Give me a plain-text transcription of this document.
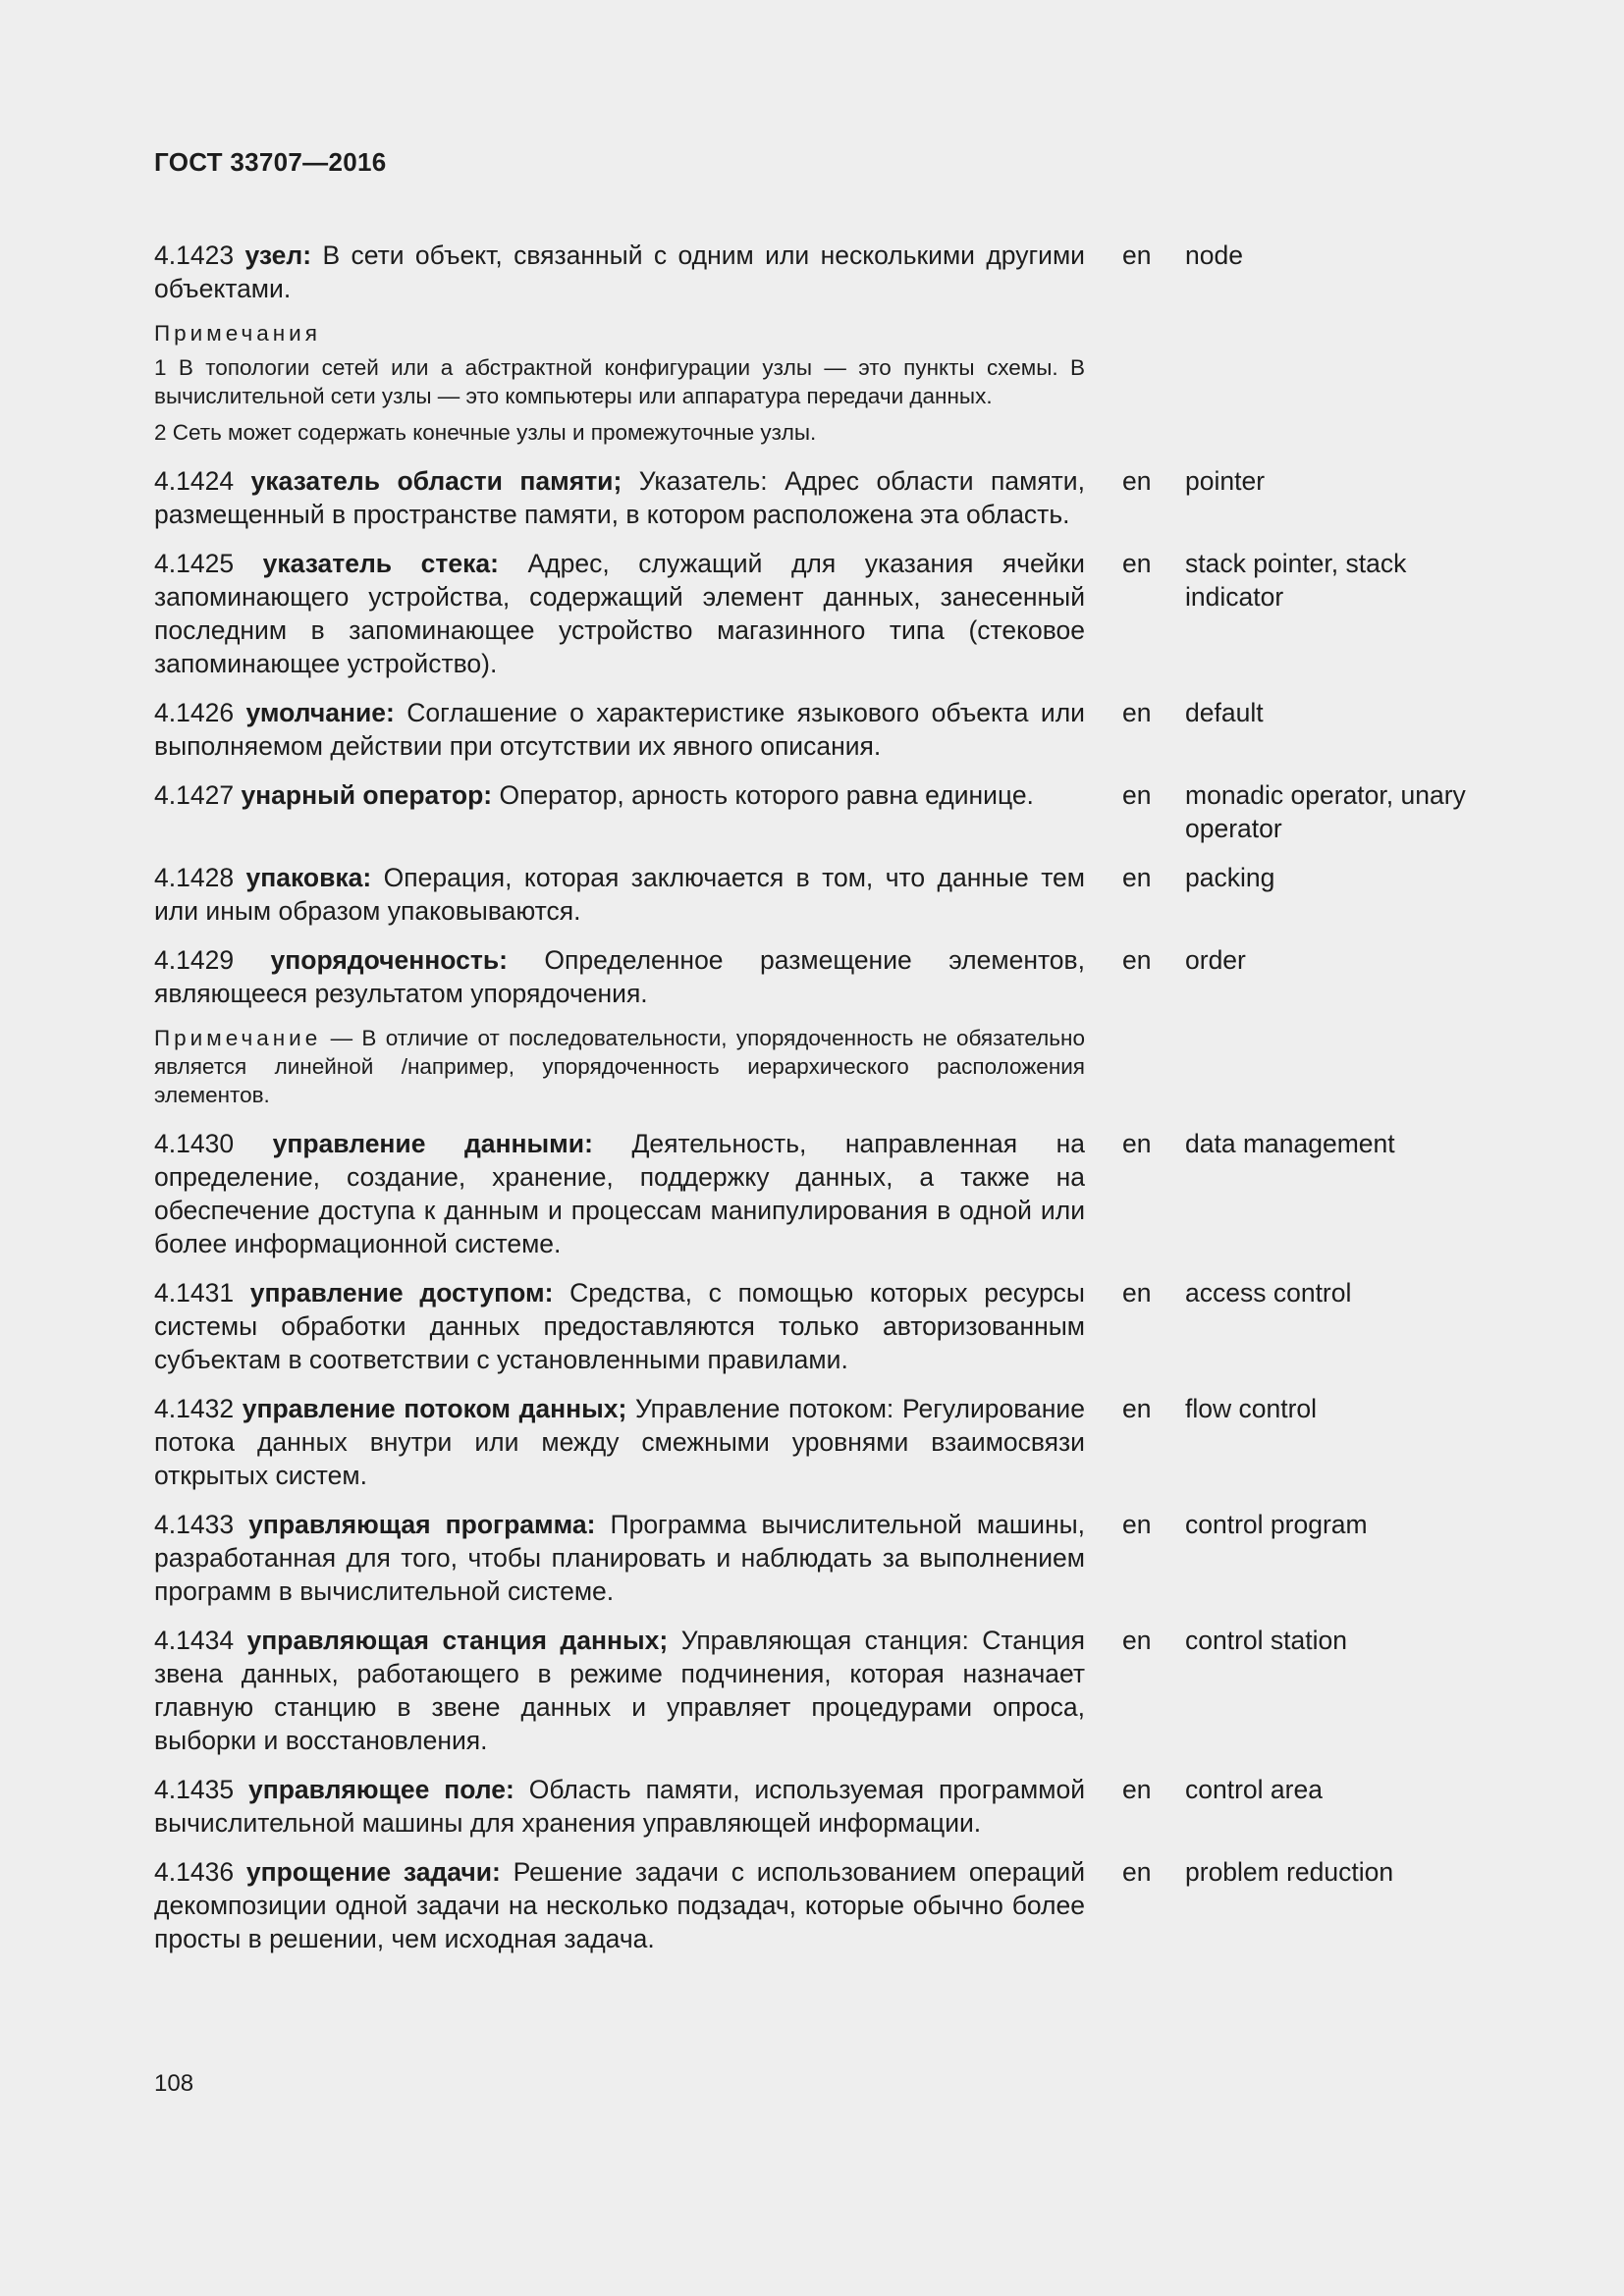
ГОСТ 33707—2016
4.1423 узел: В сети объект, связанный с одним или несколькими другими объектами.
en	node
Примечания
1 В топологии сетей или а абстрактной конфигурации узлы — это пункты схемы. В вычислительной сети узлы — это компьютеры или аппаратура передачи данных.
2 Сеть может содержать конечные узлы и промежуточные узлы.
4.1424 указатель области памяти; Указатель: Адрес области памяти, размещенный в пространстве памяти, в котором расположена эта область.
en	pointer
4.1425 указатель стека: Адрес, служащий для указания ячейки запоминающего устройства, содержащий элемент данных, занесенный последним в запоминающее устройство магазинного типа (стековое запоминающее устройство).
en	stack pointer, stack indicator
4.1426 умолчание: Соглашение о характеристике языкового объекта или выполняемом действии при отсутствии их явного описания.
en	default
4.1427 унарный оператор: Оператор, арность которого равна единице.	en	monadic operator, unary operator
4.1428 упаковка: Операция, которая заключается в том, что данные тем или иным образом упаковываются.
en	packing
4.1429 упорядоченность: Определенное размещение элементов, являющееся результатом упорядочения.
en	order
Примечание — В отличие от последовательности, упорядоченность не обязательно является линейной /например, упорядоченность иерархического расположения элементов.
4.1430 управление данными: Деятельность, направленная на определение, создание, хранение, поддержку данных, а также на обеспечение доступа к данным и процессам манипулирования в одной или более информационной системе.
en	data management
4.1431 управление доступом: Средства, с помощью которых ресурсы системы обработки данных предоставляются только авторизованным субъектам в соответствии с установленными правилами.
en	access control
4.1432 управление потоком данных; Управление потоком: Регулирование потока данных внутри или между смежными уровнями взаимосвязи открытых систем.
en	flow control
4.1433 управляющая программа: Программа вычислительной машины, разработанная для того, чтобы планировать и наблюдать за выполнением программ в вычислительной системе.
en	control program
4.1434 управляющая станция данных; Управляющая станция: Станция звена данных, работающего в режиме подчинения, которая назначает главную станцию в звене данных и управляет процедурами опроса, выборки и восстановления.
en	control station
4.1435 управляющее поле: Область памяти, используемая программой вычислительной машины для хранения управляющей информации.
en	control area
4.1436 упрощение задачи: Решение задачи с использованием операций декомпозиции одной задачи на несколько подзадач, которые обычно более просты в решении, чем исходная задача.
en	problem reduction
108
